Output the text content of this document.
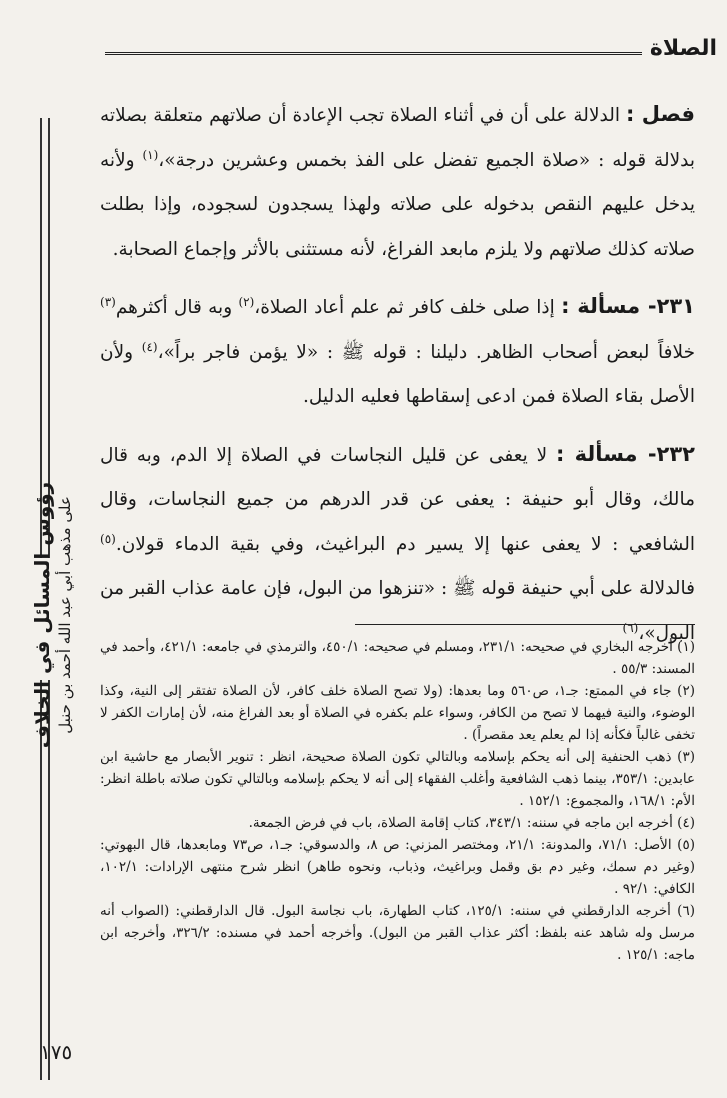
الصلاة
رؤوس المسائل في الخلاف على مذهب أبي عبد الله أحمد بن حنبل

فصل : الدلالة على أن في أثناء الصلاة تجب الإعادة أن صلاتهم متعلقة بصلاته بدلالة قوله : «صلاة الجميع تفضل على الفذ بخمس وعشرين درجة»،$^{(١)}$ ولأنه يدخل عليهم النقص بدخوله على صلاته ولهذا يسجدون لسجوده، وإذا بطلت صلاته كذلك صلاتهم ولا يلزم مابعد الفراغ، لأنه مستثنى بالأثر وإجماع الصحابة.

٢٣١- مسألة : إذا صلى خلف كافر ثم علم أعاد الصلاة،$^{(٢)}$ وبه قال أكثرهم$^{(٣)}$ خلافاً لبعض أصحاب الظاهر. دليلنا : قوله ﷺ : «لا يؤمن فاجر براً»،$^{(٤)}$ ولأن الأصل بقاء الصلاة فمن ادعى إسقاطها فعليه الدليل.

٢٣٢- مسألة : لا يعفى عن قليل النجاسات في الصلاة إلا الدم، وبه قال مالك، وقال أبو حنيفة : يعفى عن قدر الدرهم من جميع النجاسات، وقال الشافعي : لا يعفى عنها إلا يسير دم البراغيث، وفي بقية الدماء قولان.$^{(٥)}$ فالدلالة على أبي حنيفة قوله ﷺ : «تنزهوا من البول، فإن عامة عذاب القبر من البول»،$^{(٦)}$

(١) أخرجه البخاري في صحيحه: ٢٣١/١، ومسلم في صحيحه: ٤٥٠/١، والترمذي في جامعه: ٤٢١/١، وأحمد في المسند: ٥٥/٣ .

(٢) جاء في الممتع: جـ١، ص٥٦٠ وما بعدها: (ولا تصح الصلاة خلف كافر، لأن الصلاة تفتقر إلى النية، وكذا الوضوء، والنية فيهما لا تصح من الكافر، وسواء علم بكفره في الصلاة أو بعد الفراغ منه، لأن إمارات الكفر لا تخفى غالباً فكأنه إذا لم يعلم يعد مقصراً) .

(٣) ذهب الحنفية إلى أنه يحكم بإسلامه وبالتالي تكون الصلاة صحيحة، انظر : تنوير الأبصار مع حاشية ابن عابدين: ٣٥٣/١، بينما ذهب الشافعية وأغلب الفقهاء إلى أنه لا يحكم بإسلامه وبالتالي تكون صلاته باطلة انظر: الأم: ١٦٨/١، والمجموع: ١٥٢/١ .

(٤) أخرجه ابن ماجه في سننه: ٣٤٣/١، كتاب إقامة الصلاة، باب في فرض الجمعة.

(٥) الأصل: ٧١/١، والمدونة: ٢١/١، ومختصر المزني: ص ٨، والدسوقي: جـ١، ص٧٣ ومابعدها، قال البهوتي: (وغير دم سمك، وغير دم بق وقمل وبراغيث، وذباب، ونحوه طاهر) انظر شرح منتهى الإرادات: ١٠٢/١، الكافي: ٩٢/١ .

(٦) أخرجه الدارقطني في سننه: ١٢٥/١، كتاب الطهارة، باب نجاسة البول. قال الدارقطني: (الصواب أنه مرسل وله شاهد عنه بلفظ: أكثر عذاب القبر من البول). وأخرجه أحمد في مسنده: ٣٢٦/٢، وأخرجه ابن ماجه: ١٢٥/١ .

١٧٥
